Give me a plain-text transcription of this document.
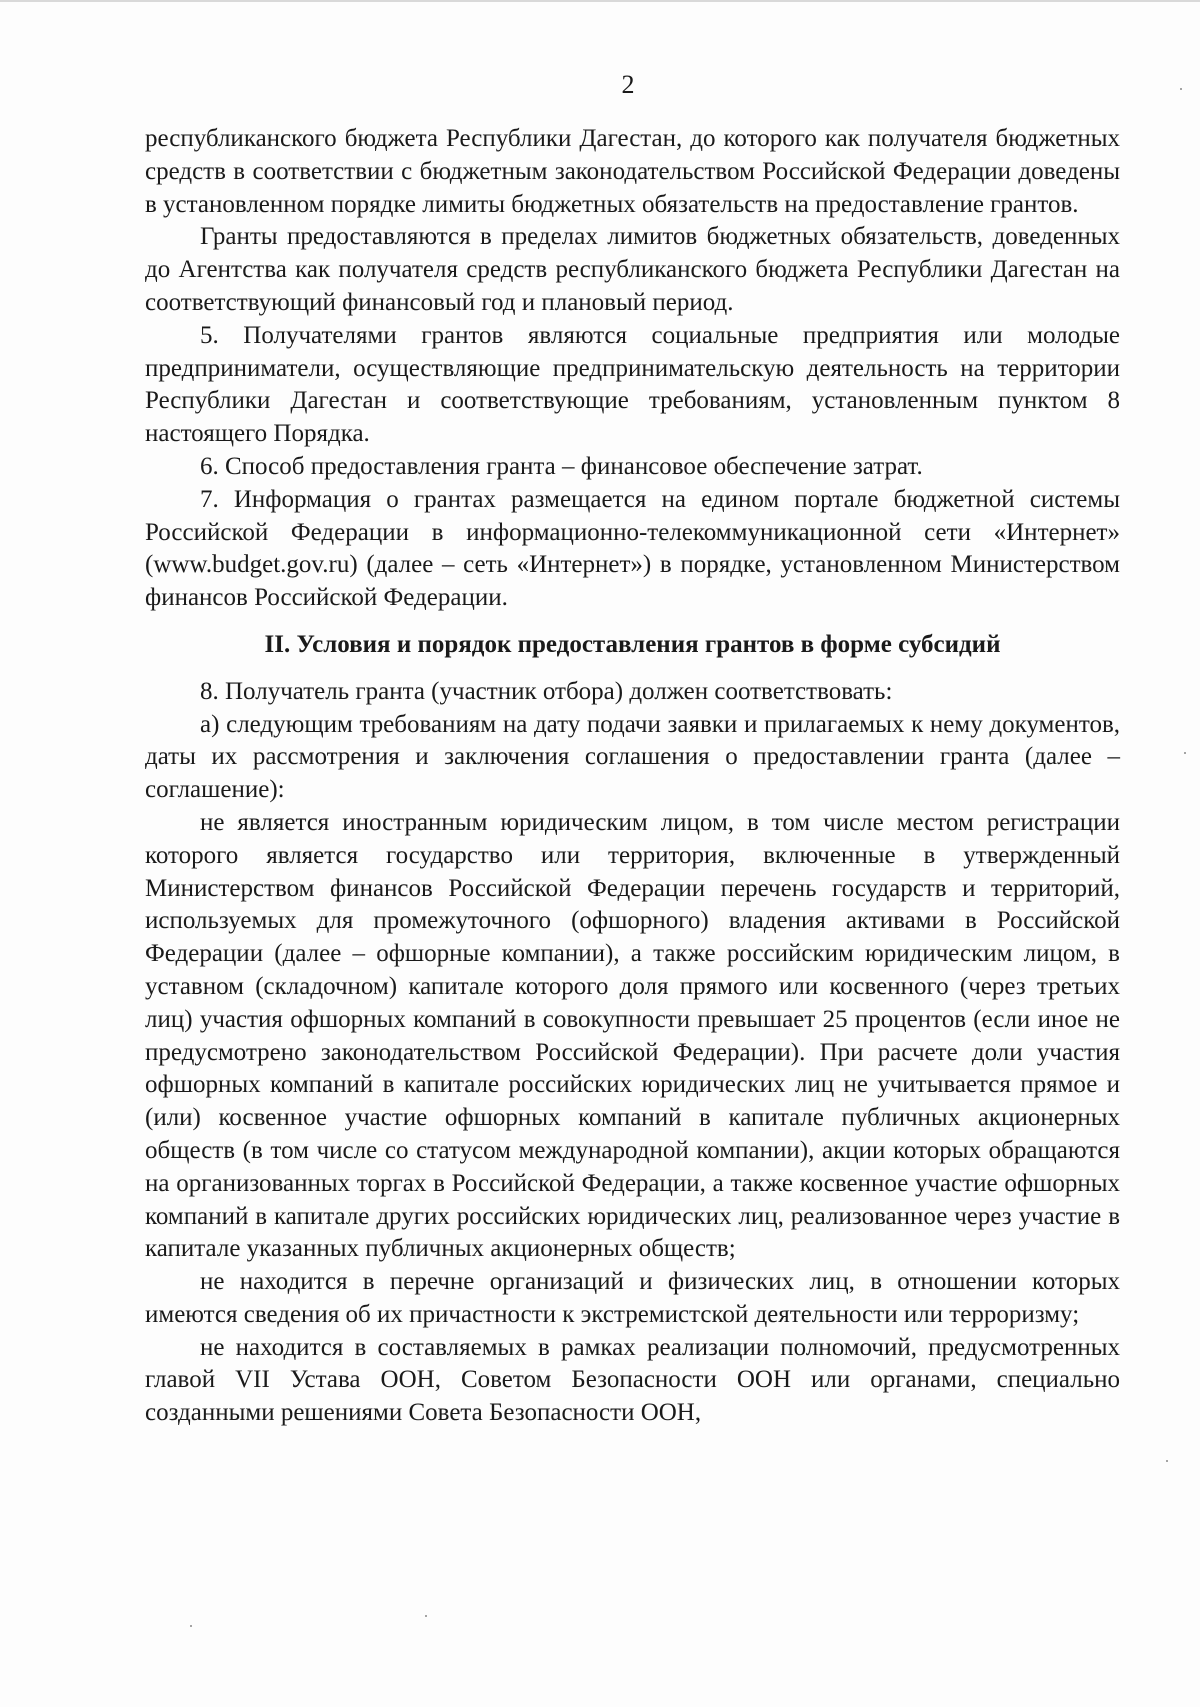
2

республиканского бюджета Республики Дагестан, до которого как получателя бюджетных средств в соответствии с бюджетным законодательством Российской Федерации доведены в установленном порядке лимиты бюджетных обязательств на предоставление грантов.

Гранты предоставляются в пределах лимитов бюджетных обязательств, доведенных до Агентства как получателя средств республиканского бюджета Республики Дагестан на соответствующий финансовый год и плановый период.

5. Получателями грантов являются социальные предприятия или молодые предприниматели, осуществляющие предпринимательскую деятельность на территории Республики Дагестан и соответствующие требованиям, установленным пунктом 8 настоящего Порядка.

6. Способ предоставления гранта – финансовое обеспечение затрат.

7. Информация о грантах размещается на едином портале бюджетной системы Российской Федерации в информационно-телекоммуникационной сети «Интернет» (www.budget.gov.ru) (далее – сеть «Интернет») в порядке, установленном Министерством финансов Российской Федерации.

II. Условия и порядок предоставления грантов в форме субсидий

8. Получатель гранта (участник отбора) должен соответствовать:

а) следующим требованиям на дату подачи заявки и прилагаемых к нему документов, даты их рассмотрения и заключения соглашения о предоставлении гранта (далее – соглашение):

не является иностранным юридическим лицом, в том числе местом регистрации которого является государство или территория, включенные в утвержденный Министерством финансов Российской Федерации перечень государств и территорий, используемых для промежуточного (офшорного) владения активами в Российской Федерации (далее – офшорные компании), а также российским юридическим лицом, в уставном (складочном) капитале которого доля прямого или косвенного (через третьих лиц) участия офшорных компаний в совокупности превышает 25 процентов (если иное не предусмотрено законодательством Российской Федерации). При расчете доли участия офшорных компаний в капитале российских юридических лиц не учитывается прямое и (или) косвенное участие офшорных компаний в капитале публичных акционерных обществ (в том числе со статусом международной компании), акции которых обращаются на организованных торгах в Российской Федерации, а также косвенное участие офшорных компаний в капитале других российских юридических лиц, реализованное через участие в капитале указанных публичных акционерных обществ;

не находится в перечне организаций и физических лиц, в отношении которых имеются сведения об их причастности к экстремистской деятельности или терроризму;

не находится в составляемых в рамках реализации полномочий, предусмотренных главой VII Устава ООН, Советом Безопасности ООН или органами, специально созданными решениями Совета Безопасности ООН,
